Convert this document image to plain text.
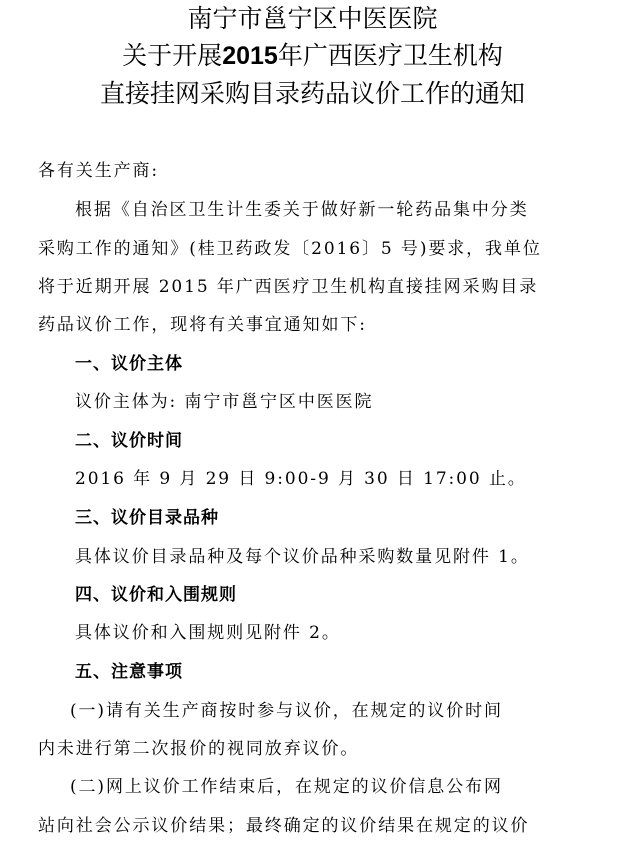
南宁市邕宁区中医医院
关于开展2015年广西医疗卫生机构
直接挂网采购目录药品议价工作的通知
各有关生产商:
根据《自治区卫生计生委关于做好新一轮药品集中分类
采购工作的通知》(桂卫药政发〔2016〕5 号)要求，我单位
将于近期开展 2015 年广西医疗卫生机构直接挂网采购目录
药品议价工作，现将有关事宜通知如下:
一、议价主体
议价主体为: 南宁市邕宁区中医医院
二、议价时间
2016 年 9 月 29 日 9:00-9 月 30 日 17:00 止。
三、议价目录品种
具体议价目录品种及每个议价品种采购数量见附件 1。
四、议价和入围规则
具体议价和入围规则见附件 2。
五、注意事项
(一)请有关生产商按时参与议价，在规定的议价时间
内未进行第二次报价的视同放弃议价。
(二)网上议价工作结束后，在规定的议价信息公布网
站向社会公示议价结果；最终确定的议价结果在规定的议价
